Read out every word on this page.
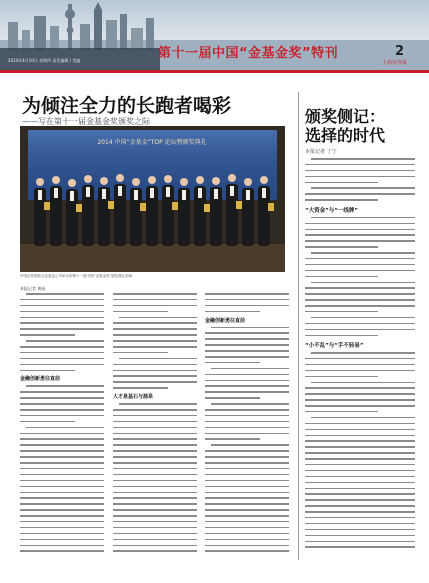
2014年4月10日 星期四 责任编辑 / 美编	第十一届中国“金基金奖”特刊	2
上海证券报
为倾注全力的长跑者喝彩
——写在第十一届金基金奖颁奖之际
2014 中国“金基金”TOP 论坛暨颁奖典礼
中国证券报联合各基金公司举办的第十一届中国“金基金奖”颁奖典礼现场
颁奖侧记：
选择的时代
本报记者 丁宁
“大资金”与“一线牌”
“小不乱”与“手不轻易”
本报记者 黄丽
金融创新勇往直前
人才是基石与源泉
金融创新勇往直前
